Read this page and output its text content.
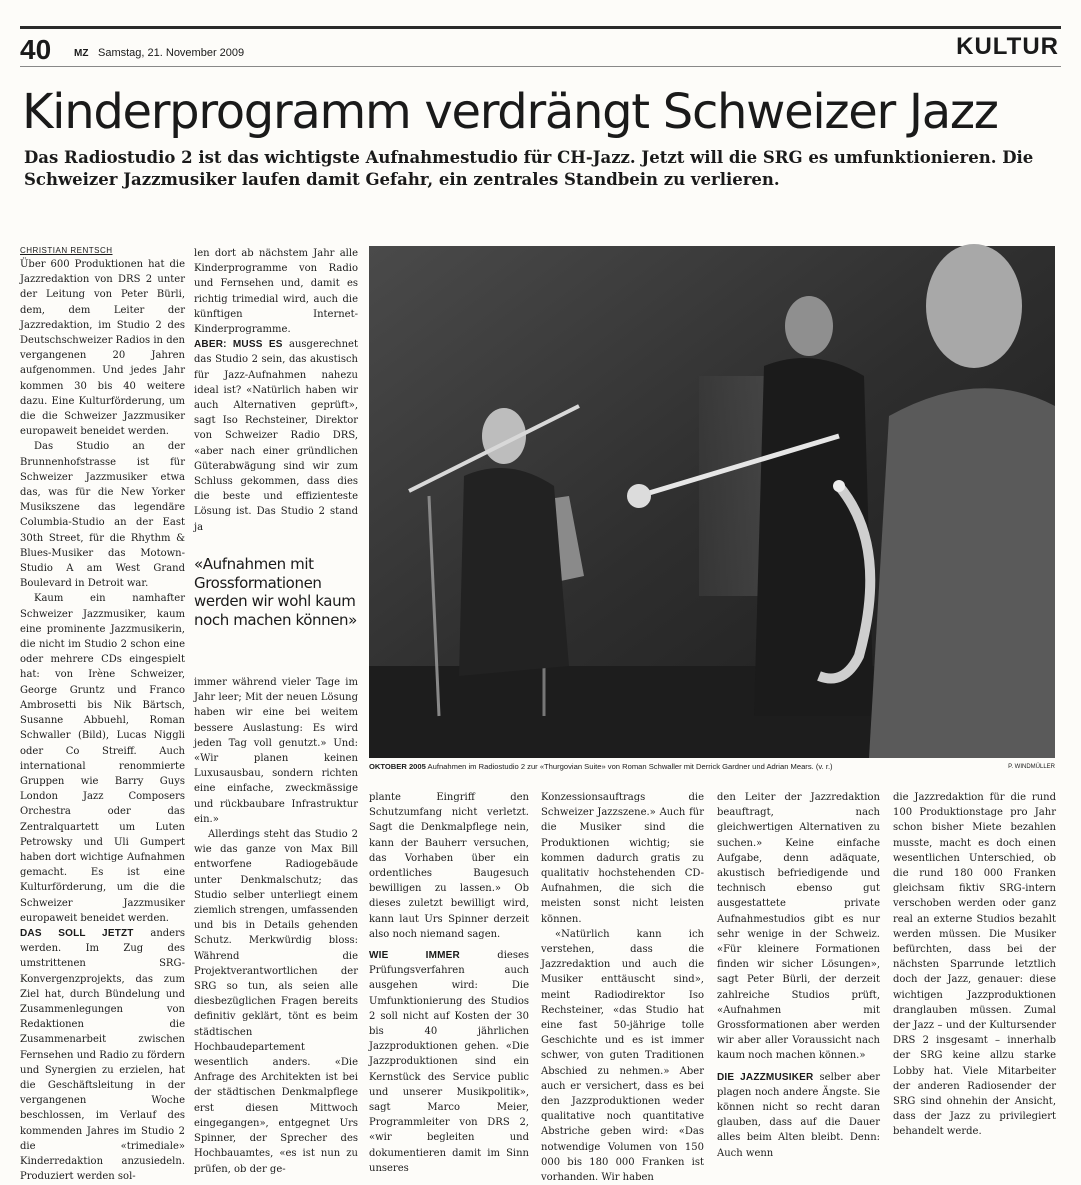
40 MZ Samstag, 21. November 2009	KULTUR
Kinderprogramm verdrängt Schweizer Jazz
Das Radiostudio 2 ist das wichtigste Aufnahmestudio für CH-Jazz. Jetzt will die SRG es umfunktionieren. Die Schweizer Jazzmusiker laufen damit Gefahr, ein zentrales Standbein zu verlieren.
CHRISTIAN RENTSCH

Über 600 Produktionen hat die Jazzredaktion von DRS 2 unter der Leitung von Peter Bürli, dem, dem Leiter der Jazzredaktion, im Studio 2 des Deutschschweizer Radios in den vergangenen 20 Jahren aufgenommen. Und jedes Jahr kommen 30 bis 40 weitere dazu. Eine Kulturförderung, um die die Schweizer Jazzmusiker europaweit beneidet werden.

Das Studio an der Brunnenhofstrasse ist für Schweizer Jazzmusiker etwa das, was für die New Yorker Musikszene das legendäre Columbia-Studio an der East 30th Street, für die Rhythm & Blues-Musiker das Motown-Studio A am West Grand Boulevard in Detroit war.

Kaum ein namhafter Schweizer Jazzmusiker, kaum eine prominente Jazzmusikerin, die nicht im Studio 2 schon eine oder mehrere CDs eingespielt hat: von Irène Schweizer, George Gruntz und Franco Ambrosetti bis Nik Bärtsch, Susanne Abbuehl, Roman Schwaller (Bild), Lucas Niggli oder Co Streiff. Auch international renommierte Gruppen wie Barry Guys London Jazz Composers Orchestra oder das Zentralquartett um Luten Petrowsky und Uli Gumpert haben dort wichtige Aufnahmen gemacht. Es ist eine Kulturförderung, um die die Schweizer Jazzmusiker europaweit beneidet werden.

DAS SOLL JETZT anders werden. Im Zug des umstrittenen SRG-Konvergenzprojekts, das zum Ziel hat, durch Bündelung und Zusammenlegungen von Redaktionen die Zusammenarbeit zwischen Fernsehen und Radio zu fördern und Synergien zu erzielen, hat die Geschäftsleitung in der vergangenen Woche beschlossen, im Verlauf des kommenden Jahres im Studio 2 die «trimediale» Kinderredaktion anzusiedeln. Produziert werden sol-

len dort ab nächstem Jahr alle Kinderprogramme von Radio und Fernsehen und, damit es richtig trimedial wird, auch die künftigen Internet-Kinderprogramme.

ABER: MUSS ES ausgerechnet das Studio 2 sein, das akustisch für Jazz-Aufnahmen nahezu ideal ist? «Natürlich haben wir auch Alternativen geprüft», sagt Iso Rechsteiner, Direktor von Schweizer Radio DRS, «aber nach einer gründlichen Güterabwägung sind wir zum Schluss gekommen, dass dies die beste und effizienteste Lösung ist. Das Studio 2 stand ja

«Aufnahmen mit Grossformationen werden wir wohl kaum noch machen können»

immer während vieler Tage im Jahr leer; Mit der neuen Lösung haben wir eine bei weitem bessere Auslastung: Es wird jeden Tag voll genutzt.» Und: «Wir planen keinen Luxusausbau, sondern richten eine einfache, zweckmässige und rückbaubare Infrastruktur ein.»

Allerdings steht das Studio 2 wie das ganze von Max Bill entworfene Radiogebäude unter Denkmalschutz; das Studio selber unterliegt einem ziemlich strengen, umfassenden und bis in Details gehenden Schutz. Merkwürdig bloss: Während die Projektverantwortlichen der SRG so tun, als seien alle diesbezüglichen Fragen bereits definitiv geklärt, tönt es beim städtischen Hochbaudepartement wesentlich anders. «Die Anfrage des Architekten ist bei der städtischen Denkmalpflege erst diesen Mittwoch eingegangen», entgegnet Urs Spinner, der Sprecher des Hochbauamtes, «es ist nun zu prüfen, ob der ge-

OKTOBER 2005 Aufnahmen im Radiostudio 2 zur «Thurgovian Suite» von Roman Schwaller mit Derrick Gardner und Adrian Mears. (v. r.)	P. WINDMÜLLER

plante Eingriff den Schutzumfang nicht verletzt. Sagt die Denkmalpflege nein, kann der Bauherr versuchen, das Vorhaben über ein ordentliches Baugesuch bewilligen zu lassen.» Ob dieses zuletzt bewilligt wird, kann laut Urs Spinner derzeit also noch niemand sagen.

WIE IMMER	dieses Prüfungsverfahren auch ausgehen wird: Die Umfunktionierung des Studios 2 soll nicht auf Kosten der 30 bis 40 jährlichen Jazzproduktionen gehen. «Die Jazzproduktionen sind ein Kernstück des Service public und unserer Musikpolitik», sagt Marco Meier, Programmleiter von DRS 2, «wir begleiten und dokumentieren damit im Sinn unseres

Konzessionsauftrags die Schweizer Jazzszene.» Auch für die Musiker sind die Produktionen wichtig; sie kommen dadurch gratis zu qualitativ hochstehenden CD-Aufnahmen, die sich die meisten sonst nicht leisten können.

«Natürlich kann ich verstehen, dass die Jazzredaktion und auch die Musiker enttäuscht sind», meint Radiodirektor Iso Rechsteiner, «das Studio hat eine fast 50-jährige tolle Geschichte und es ist immer schwer, von guten Traditionen Abschied zu nehmen.» Aber auch er versichert, dass es bei den Jazzproduktionen weder qualitative noch quantitative Abstriche geben wird: «Das notwendige Volumen von 150 000 bis 180 000 Franken ist vorhanden. Wir haben

den Leiter der Jazzredaktion beauftragt, nach gleichwertigen Alternativen zu suchen.» Keine einfache Aufgabe, denn adäquate, akustisch befriedigende und technisch ebenso gut ausgestattete private Aufnahmestudios gibt es nur sehr wenige in der Schweiz. «Für kleinere Formationen finden wir sicher Lösungen», sagt Peter Bürli, der derzeit zahlreiche Studios prüft, «Aufnahmen mit Grossformationen aber werden wir aber aller Voraussicht nach kaum noch machen können.»

DIE JAZZMUSIKER selber aber plagen noch andere Ängste. Sie können nicht so recht daran glauben, dass auf die Dauer alles beim Alten bleibt. Denn: Auch wenn

die Jazzredaktion für die rund 100 Produktionstage pro Jahr schon bisher Miete bezahlen musste, macht es doch einen wesentlichen Unterschied, ob die rund 180 000 Franken gleichsam fiktiv SRG-intern verschoben werden oder ganz real an externe Studios bezahlt werden müssen. Die Musiker befürchten, dass bei der nächsten Sparrunde letztlich doch der Jazz, genauer: diese wichtigen Jazzproduktionen dranglauben müssen. Zumal der Jazz – und der Kultursender DRS 2 insgesamt – innerhalb der SRG keine allzu starke Lobby hat. Viele Mitarbeiter der anderen Radiosender der SRG sind ohnehin der Ansicht, dass der Jazz zu privilegiert behandelt werde.
